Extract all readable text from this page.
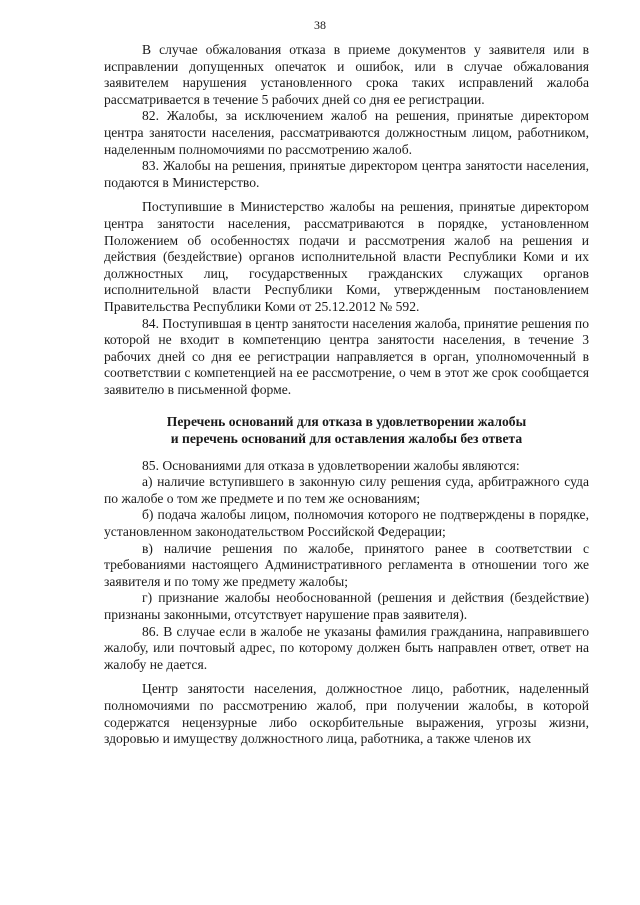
38

В случае обжалования отказа в приеме документов у заявителя или в исправлении допущенных опечаток и ошибок, или в случае обжалования заявителем нарушения установленного срока таких исправлений жалоба рассматривается в течение 5 рабочих дней со дня ее регистрации.

82. Жалобы, за исключением жалоб на решения, принятые директором центра занятости населения, рассматриваются должностным лицом, работником, наделенным полномочиями по рассмотрению жалоб.

83. Жалобы на решения, принятые директором центра занятости населения, подаются в Министерство.

Поступившие в Министерство жалобы на решения, принятые директором центра занятости населения, рассматриваются в порядке, установленном Положением об особенностях подачи и рассмотрения жалоб на решения и действия (бездействие) органов исполнительной власти Республики Коми и их должностных лиц, государственных гражданских служащих органов исполнительной власти Республики Коми, утвержденным постановлением Правительства Республики Коми от 25.12.2012 № 592.

84. Поступившая в центр занятости населения жалоба, принятие решения по которой не входит в компетенцию центра занятости населения, в течение 3 рабочих дней со дня ее регистрации направляется в орган, уполномоченный в соответствии с компетенцией на ее рассмотрение, о чем в этот же срок сообщается заявителю в письменной форме.

Перечень оснований для отказа в удовлетворении жалобы
и перечень оснований для оставления жалобы без ответа

85. Основаниями для отказа в удовлетворении жалобы являются:

а) наличие вступившего в законную силу решения суда, арбитражного суда по жалобе о том же предмете и по тем же основаниям;

б) подача жалобы лицом, полномочия которого не подтверждены в порядке, установленном законодательством Российской Федерации;

в) наличие решения по жалобе, принятого ранее в соответствии с требованиями настоящего Административного регламента в отношении того же заявителя и по тому же предмету жалобы;

г) признание жалобы необоснованной (решения и действия (бездействие) признаны законными, отсутствует нарушение прав заявителя).

86. В случае если в жалобе не указаны фамилия гражданина, направившего жалобу, или почтовый адрес, по которому должен быть направлен ответ, ответ на жалобу не дается.

Центр занятости населения, должностное лицо, работник, наделенный полномочиями по рассмотрению жалоб, при получении жалобы, в которой содержатся нецензурные либо оскорбительные выражения, угрозы жизни, здоровью и имуществу должностного лица, работника, а также членов их
